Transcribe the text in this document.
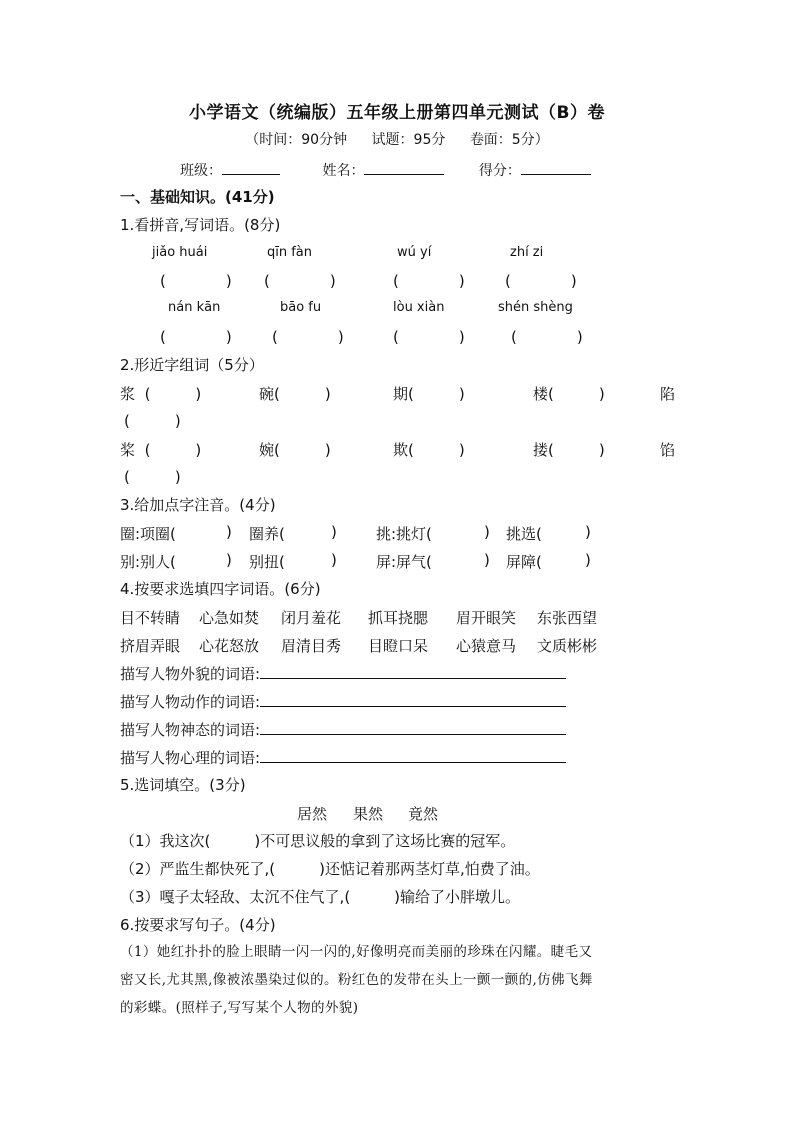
小学语文（统编版）五年级上册第四单元测试（B）卷
（时间：90分钟 试题：95分 卷面：5分）
班级：	姓名：	得分：
一、基础知识。(41分)
1.看拼音,写词语。(8分)
jiǎo huái	qīn fàn	wú yí	zhí zi
(　　　　) (　　　　)	(　　　　)	(　　　　)
nán kān	bāo fu	lòu xiàn	shén shèng
(　　　　)	(　　　　)	(　　　　)	(　　　　)
2.形近字组词（5分）
浆 (　　　)	碗(　　　)	期(　　　)	楼(　　　)	陷
(　　　)
桨 (　　　)	婉(　　　)	欺(　　　)	搂(　　　)	馅
(　　　)
3.给加点字注音。(4分)
圈:项圈(	) 圈养(	)	挑:挑灯(	) 挑选(	)
别:别人(	) 别扭(	)	屏:屏气(	) 屏障(	)
4.按要求选填四字词语。(6分)
目不转睛 心急如焚 闭月羞花 抓耳挠腮 眉开眼笑 东张西望
挤眉弄眼 心花怒放 眉清目秀 目瞪口呆 心猿意马 文质彬彬
描写人物外貌的词语:
描写人物动作的词语:
描写人物神态的词语:
描写人物心理的词语:
5.选词填空。(3分)
居然 果然 竟然
（1）我这次(	)不可思议般的拿到了这场比赛的冠军。
（2）严监生都快死了,(	)还惦记着那两茎灯草,怕费了油。
（3）嘎子太轻敌、太沉不住气了,(	)输给了小胖墩儿。
6.按要求写句子。(4分)
（1）她红扑扑的脸上眼睛一闪一闪的,好像明亮而美丽的珍珠在闪耀。睫毛又
密又长,尤其黑,像被浓墨染过似的。粉红色的发带在头上一颤一颤的,仿佛飞舞
的彩蝶。(照样子,写写某个人物的外貌)
